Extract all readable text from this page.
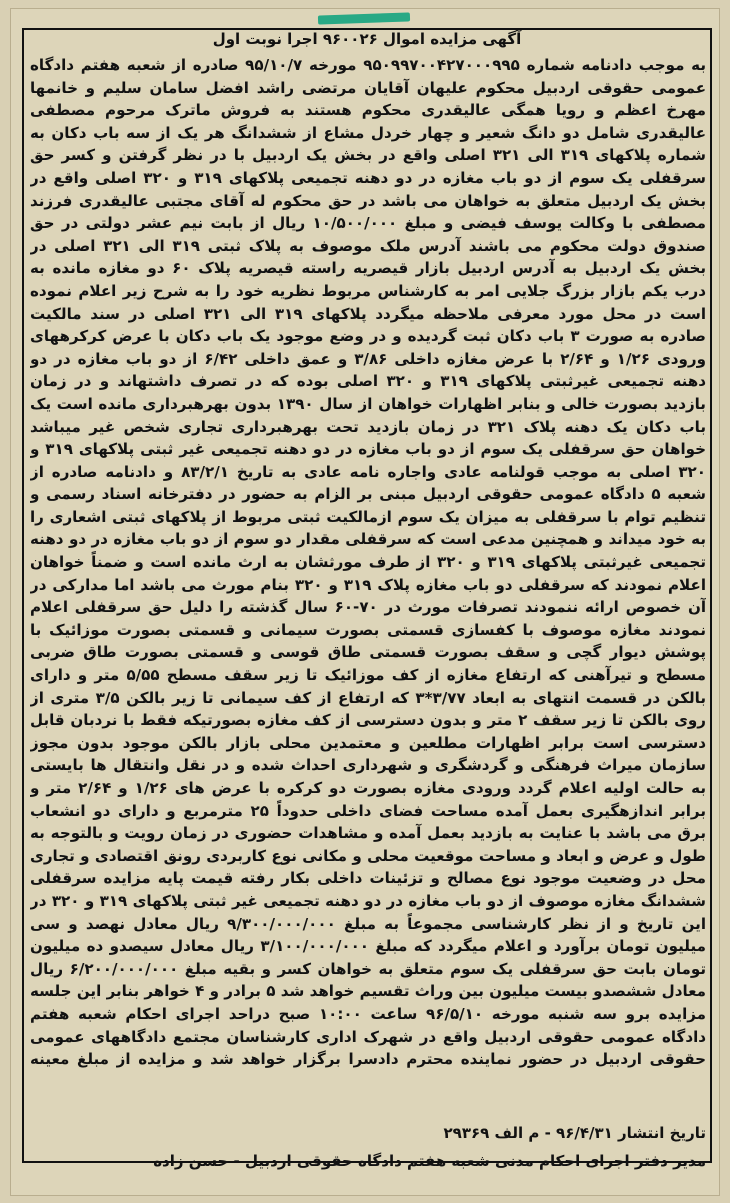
آگهی مزایده اموال ۹۶۰۰۲۶ اجرا نوبت اول
به موجب دادنامه شماره ۹۵۰۹۹۷۰۰۴۲۷۰۰۰۹۹۵ مورخه ۹۵/۱۰/۷ صادره از شعبه هفتم دادگاه عمومی حقوقی اردبیل محکوم علیهان آقایان مرتضی راشد افضل سامان سلیم و خانمها مهرخ اعظم و رویا همگی عالیقدری محکوم هستند به فروش ماترک مرحوم مصطفی عالیقدری شامل دو دانگ شعیر و چهار خردل مشاع از ششدانگ هر یک از سه باب دکان به شماره پلاکهای ۳۱۹ الی ۳۲۱ اصلی واقع در بخش یک اردبیل با در نظر گرفتن و کسر حق سرقفلی یک سوم از دو باب مغازه در دو دهنه تجمیعی پلاکهای ۳۱۹ و ۳۲۰ اصلی واقع در بخش یک اردبیل متعلق به خواهان می باشد در حق محکوم له آقای مجتبی عالیقدری فرزند مصطفی با وکالت یوسف فیضی و مبلغ ۱۰/۵۰۰/۰۰۰ ریال از بابت نیم عشر دولتی در حق صندوق دولت محکوم می باشند آدرس ملک موصوف به پلاک ثبتی ۳۱۹ الی ۳۲۱ اصلی در بخش یک اردبیل به آدرس اردبیل بازار قیصریه راسته قیصریه پلاک ۶۰ دو مغازه مانده به درب یکم بازار بزرگ جلایی امر به کارشناس مربوط نظریه خود را به شرح زیر اعلام نموده است در محل مورد معرفی ملاحظه میگردد پلاکهای ۳۱۹ الی ۳۲۱ اصلی در سند مالکیت صادره به صورت ۳ باب دکان ثبت گردیده و در وضع موجود یک باب دکان با عرض کرکرههای ورودی ۱/۲۶ و ۲/۶۴ با عرض مغازه داخلی ۳/۸۶ و عمق داخلی ۶/۴۲ از دو باب مغازه در دو دهنه تجمیعی غیرثبتی پلاکهای ۳۱۹ و ۳۲۰ اصلی بوده که در تصرف داشتهاند و در زمان بازدید بصورت خالی و بنابر اظهارات خواهان از سال ۱۳۹۰ بدون بهرهبرداری مانده است یک باب دکان یک دهنه پلاک ۳۲۱ در زمان بازدید تحت بهرهبرداری تجاری شخص غیر میباشد خواهان حق سرقفلی یک سوم از دو باب مغازه در دو دهنه تجمیعی غیر ثبتی پلاکهای ۳۱۹ و ۳۲۰ اصلی به موجب قولنامه عادی واجاره نامه عادی به تاریخ ۸۳/۲/۱ و دادنامه صادره از شعبه ۵ دادگاه عمومی حقوقی اردبیل مبنی بر الزام به حضور در دفترخانه اسناد رسمی و تنظیم توام با سرقفلی به میزان یک سوم ازمالکیت ثبتی مربوط از پلاکهای ثبتی اشعاری را به خود میداند و همچنین مدعی است که سرقفلی مقدار دو سوم از دو باب مغازه در دو دهنه تجمیعی غیرثبتی پلاکهای ۳۱۹ و ۳۲۰ از طرف مورثشان به ارث مانده است و ضمناً خواهان اعلام نمودند که سرقفلی دو باب مغازه پلاک ۳۱۹ و ۳۲۰ بنام مورث می باشد اما مدارکی در آن خصوص ارائه ننمودند تصرفات مورث در ۷۰-۶۰ سال گذشته را دلیل حق سرقفلی اعلام نمودند مغازه موصوف با کفسازی قسمتی بصورت سیمانی و قسمتی بصورت موزائیک با پوشش دیوار گچی و سقف بصورت قسمتی طاق قوسی و قسمتی بصورت طاق ضربی مسطح و تیرآهنی که ارتفاع مغازه از کف موزائیک تا زیر سقف مسطح ۵/۵۵ متر و دارای بالکن در قسمت انتهای به ابعاد ۳/۷۷*۳ که ارتفاع از کف سیمانی تا زیر بالکن ۳/۵ متری از روی بالکن تا زیر سقف ۲ متر و بدون دسترسی از کف مغازه بصورتیکه فقط با نردبان قابل دسترسی است برابر اظهارات مطلعین و معتمدین محلی بازار بالکن موجود بدون مجوز سازمان میراث فرهنگی و گردشگری و شهرداری احداث شده و در نقل وانتقال ها بایستی به حالت اولیه اعلام گردد ورودی مغازه بصورت دو کرکره با عرض های ۱/۲۶ و ۲/۶۴ متر و برابر اندازهگیری بعمل آمده مساحت فضای داخلی حدوداً ۲۵ مترمربع و دارای دو انشعاب برق می باشد با عنایت به بازدید بعمل آمده و مشاهدات حضوری در زمان رویت و بالتوجه به طول و عرض و ابعاد و مساحت موقعیت محلی و مکانی نوع کاربردی رونق اقتصادی و تجاری محل در وضعیت موجود نوع مصالح و تزئینات داخلی بکار رفته قیمت پایه مزایده سرقفلی ششدانگ مغازه موصوف از دو باب مغازه در دو دهنه تجمیعی غیر ثبتی پلاکهای ۳۱۹ و ۳۲۰ در این تاریخ و از نظر کارشناسی مجموعاً به مبلغ ۹/۳۰۰/۰۰۰/۰۰۰ ریال معادل نهصد و سی میلیون تومان برآورد و اعلام میگردد که مبلغ ۳/۱۰۰/۰۰۰/۰۰۰ ریال معادل سیصدو ده میلیون تومان بابت حق سرقفلی یک سوم متعلق به خواهان کسر و بقیه مبلغ ۶/۲۰۰/۰۰۰/۰۰۰ ریال معادل ششصدو بیست میلیون بین وراث تقسیم خواهد شد ۵ برادر و ۴ خواهر بنابر این جلسه مزایده برو سه شنبه مورخه ۹۶/۵/۱۰ ساعت ۱۰:۰۰ صبح دراحد اجرای احکام شعبه هفتم دادگاه عمومی حقوقی اردبیل واقع در شهرک اداری کارشناسان مجتمع دادگاههای عمومی حقوقی اردبیل در حضور نماینده محترم دادسرا برگزار خواهد شد و مزایده از مبلغ معینه
تاریخ انتشار ۹۶/۴/۳۱ - م الف ۲۹۳۶۹
مدیر دفتر اجرای احکام مدنی شعبه هفتم دادگاه حقوقی اردبیل - حسن زاده
